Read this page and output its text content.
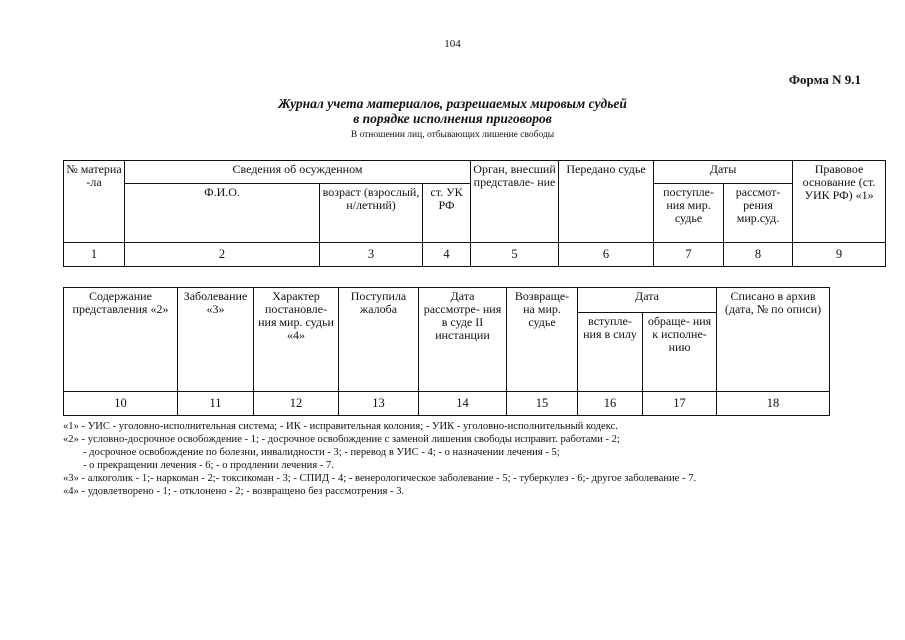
104
Форма N 9.1
Журнал учета материалов, разрешаемых мировым судьей
в порядке исполнения приговоров
В отношении лиц, отбывающих лишение свободы
№ материа -ла	Сведения об осужденном			Орган, внесший представле- ние	Передано судье	Даты		Правовое основание (ст. УИК РФ) «1»
	Ф.И.О.	возраст (взрослый, н/летний)	ст. УК РФ			поступле- ния мир. судье	рассмот- рения мир.суд.	
1	2	3	4	5	6	7	8	9
Содержание представления «2»	Заболевание «3»	Характер постановле- ния мир. судьи «4»	Поступила жалоба	Дата рассмотре- ния в суде II инстанции	Возвраще- на мир. судье	Дата		Списано в архив (дата, № по описи)
						вступле- ния в силу	обраще- ния к исполне- нию	
10	11	12	13	14	15	16	17	18
«1» - УИС - уголовно-исполнительная система; - ИК - исправительная колония; - УИК - уголовно-исполнительный кодекс.
«2» - условно-досрочное освобождение - 1; - досрочное освобождение с заменой лишения свободы исправит. работами - 2;
- досрочное освобождение по болезни, инвалидности - 3; - перевод в УИС - 4; - о назначении лечения - 5;
- о прекращении лечения - 6; - о продлении лечения - 7.
«3» - алкоголик - 1;- наркоман - 2;- токсикоман - 3; - СПИД - 4; - венерологическое заболевание - 5; - туберкулез - 6;- другое заболевание - 7.
«4» - удовлетворено - 1; - отклонено - 2; - возвращено без рассмотрения - 3.
